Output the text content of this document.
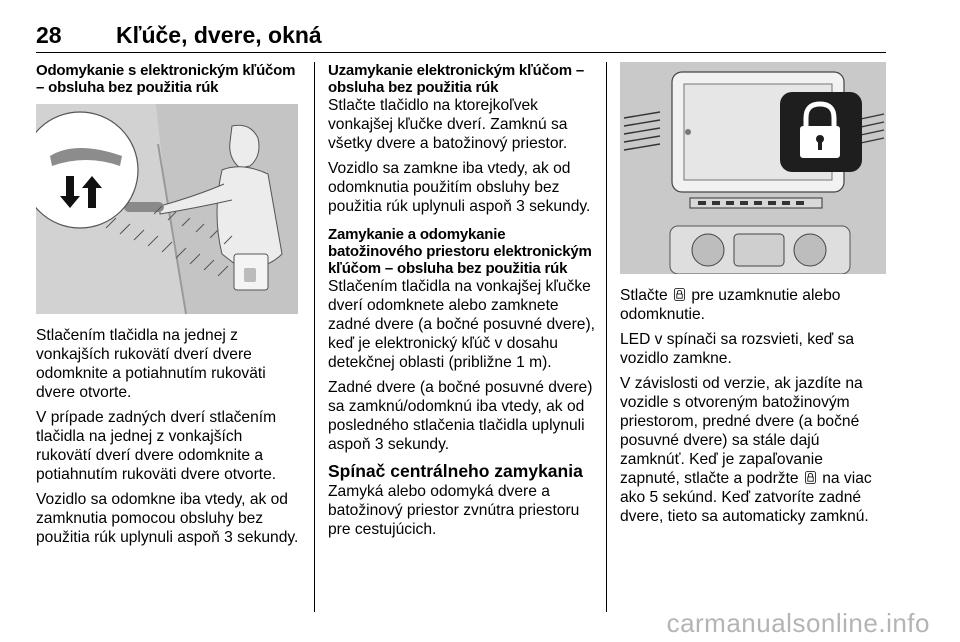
28 Kľúče, dvere, okná
Odomykanie s elektronickým kľúčom – obsluha bez použitia rúk

Stlačením tlačidla na jednej z vonkajších rukovätí dverí dvere odomknite a potiahnutím rukoväti dvere otvorte.

V prípade zadných dverí stlačením tlačidla na jednej z vonkajších rukovätí dverí dvere odomknite a potiahnutím rukoväti dvere otvorte.

Vozidlo sa odomkne iba vtedy, ak od zamknutia pomocou obsluhy bez použitia rúk uplynuli aspoň 3 sekundy.

Uzamykanie elektronickým kľúčom – obsluha bez použitia rúk

Stlačte tlačidlo na ktorejkoľvek vonkajšej kľučke dverí. Zamknú sa všetky dvere a batožinový priestor.

Vozidlo sa zamkne iba vtedy, ak od odomknutia použitím obsluhy bez použitia rúk uplynuli aspoň 3 sekundy.

Zamykanie a odomykanie batožinového priestoru elektronickým kľúčom – obsluha bez použitia rúk

Stlačením tlačidla na vonkajšej kľučke dverí odomknete alebo zamknete zadné dvere (a bočné posuvné dvere), keď je elektronický kľúč v dosahu detekčnej oblasti (približne 1 m).

Zadné dvere (a bočné posuvné dvere) sa zamknú/odomknú iba vtedy, ak od posledného stlačenia tlačidla uplynuli aspoň 3 sekundy.

Spínač centrálneho zamykania

Zamyká alebo odomyká dvere a batožinový priestor zvnútra priestoru pre cestujúcich.

Stlačte  pre uzamknutie alebo odomknutie.

LED v spínači sa rozsvieti, keď sa vozidlo zamkne.

V závislosti od verzie, ak jazdíte na vozidle s otvoreným batožinovým priestorom, predné dvere (a bočné posuvné dvere) sa stále dajú zamknúť. Keď je zapaľovanie zapnuté, stlačte a podržte  na viac ako 5 sekúnd. Keď zatvoríte zadné dvere, tieto sa automaticky zamknú.

carmanualsonline.info
